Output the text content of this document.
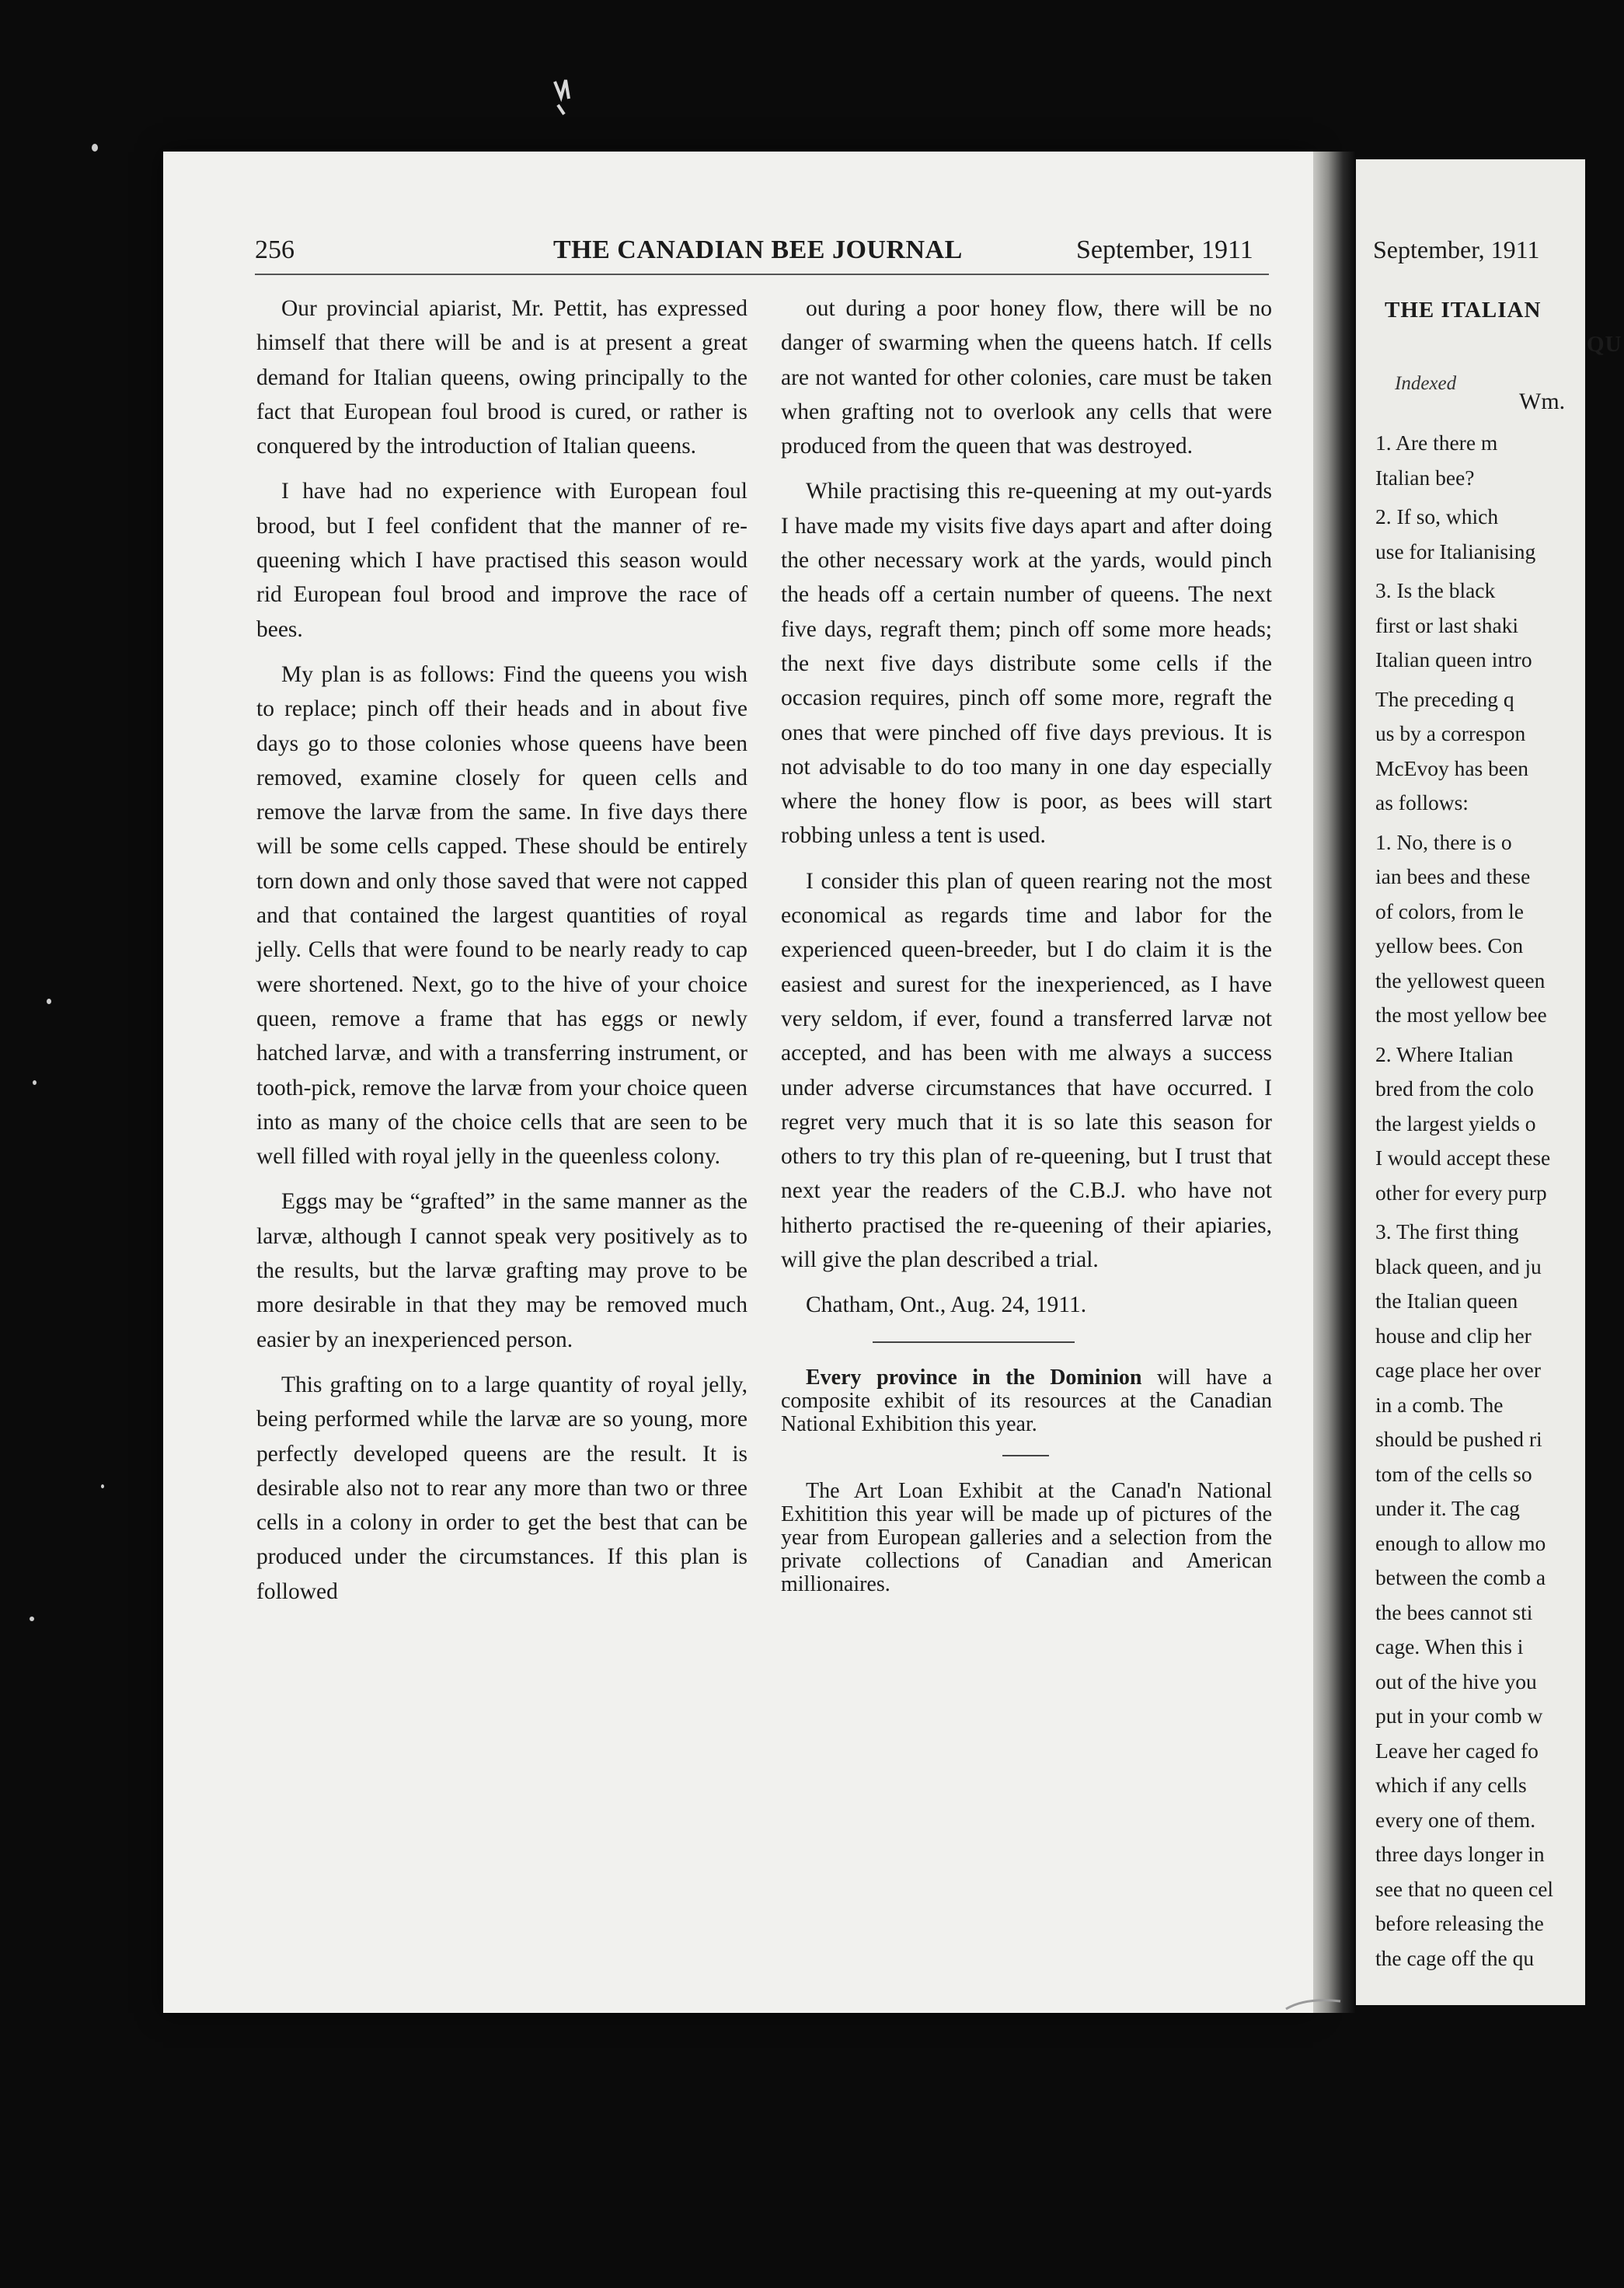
256	THE CANADIAN BEE JOURNAL	September, 1911

Our provincial apiarist, Mr. Pettit, has expressed himself that there will be and is at present a great demand for Italian queens, owing principally to the fact that European foul brood is cured, or rather is conquered by the introduction of Italian queens.

I have had no experience with European foul brood, but I feel confident that the manner of re-queening which I have practised this season would rid European foul brood and improve the race of bees.

My plan is as follows: Find the queens you wish to replace; pinch off their heads and in about five days go to those colonies whose queens have been removed, examine closely for queen cells and remove the larvæ from the same. In five days there will be some cells capped. These should be entirely torn down and only those saved that were not capped and that contained the largest quantities of royal jelly. Cells that were found to be nearly ready to cap were shortened. Next, go to the hive of your choice queen, remove a frame that has eggs or newly hatched larvæ, and with a transferring instrument, or tooth-pick, remove the larvæ from your choice queen into as many of the choice cells that are seen to be well filled with royal jelly in the queenless colony.

Eggs may be “grafted” in the same manner as the larvæ, although I cannot speak very positively as to the results, but the larvæ grafting may prove to be more desirable in that they may be removed much easier by an inexperienced person.

This grafting on to a large quantity of royal jelly, being performed while the larvæ are so young, more perfectly developed queens are the result. It is desirable also not to rear any more than two or three cells in a colony in order to get the best that can be produced under the circumstances. If this plan is followed

out during a poor honey flow, there will be no danger of swarming when the queens hatch. If cells are not wanted for other colonies, care must be taken when grafting not to overlook any cells that were produced from the queen that was destroyed.

While practising this re-queening at my out-yards I have made my visits five days apart and after doing the other necessary work at the yards, would pinch the heads off a certain number of queens. The next five days, regraft them; pinch off some more heads; the next five days distribute some cells if the occasion requires, pinch off some more, regraft the ones that were pinched off five days previous. It is not advisable to do too many in one day especially where the honey flow is poor, as bees will start robbing unless a tent is used.

I consider this plan of queen rearing not the most economical as regards time and labor for the experienced queen-breeder, but I do claim it is the easiest and surest for the inexperienced, as I have very seldom, if ever, found a transferred larvæ not accepted, and has been with me always a success under adverse circumstances that have occurred. I regret very much that it is so late this season for others to try this plan of re-queening, but I trust that next year the readers of the C.B.J. who have not hitherto practised the re-queening of their apiaries, will give the plan described a trial.

Chatham, Ont., Aug. 24, 1911.

Every province in the Dominion will have a composite exhibit of its resources at the Canadian National Exhibition this year.

The Art Loan Exhibit at the Canad'n National Exhitition this year will be made up of pictures of the year from European galleries and a selection from the private collections of Canadian and American millionaires.

September, 1911
THE ITALIAN
QU
Indexed
Wm.
1. Are there m
Italian bee?
2. If so, which
use for Italianising
3. Is the black
first or last shaki
Italian queen intro
The preceding q
us by a correspon
McEvoy has been
as follows:
1. No, there is o
ian bees and these
of colors, from le
yellow bees. Con
the yellowest queen
the most yellow bee
2. Where Italian
bred from the colo
the largest yields o
I would accept these
other for every purp
3. The first thing
black queen, and ju
the Italian queen
house and clip her
cage place her over
in a comb. The
should be pushed ri
tom of the cells so
under it. The cag
enough to allow mo
between the comb a
the bees cannot sti
cage. When this i
out of the hive you
put in your comb w
Leave her caged fo
which if any cells
every one of them.
three days longer in
see that no queen cel
before releasing the
the cage off the qu
